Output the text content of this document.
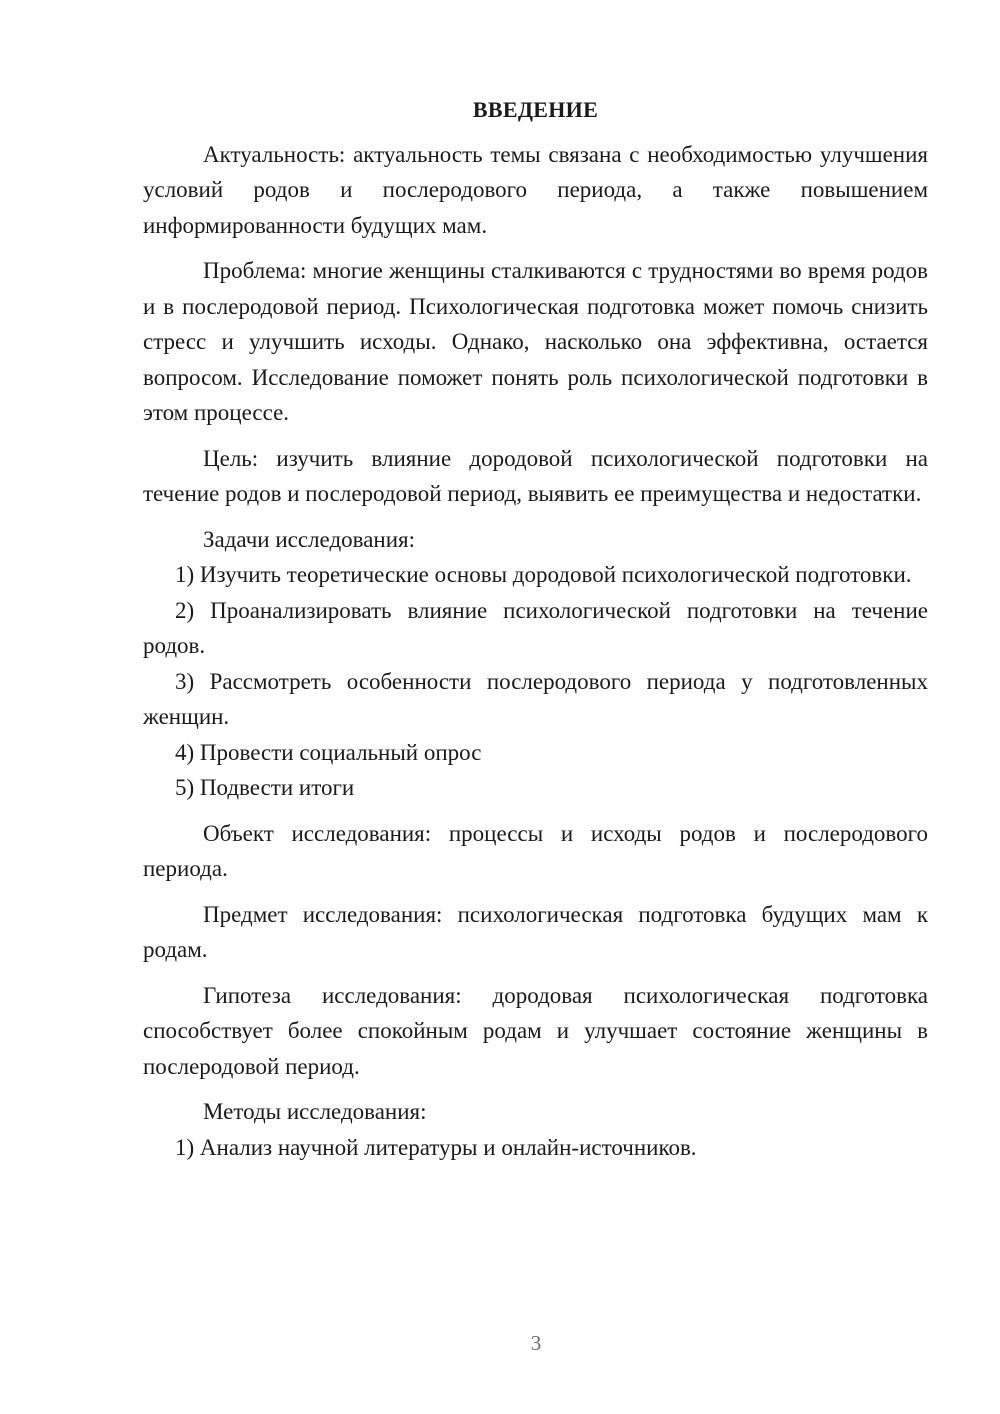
ВВЕДЕНИЕ

Актуальность: актуальность темы связана с необходимостью улучшения условий родов и послеродового периода, а также повышением информированности будущих мам.

Проблема: многие женщины сталкиваются с трудностями во время родов и в послеродовой период. Психологическая подготовка может помочь снизить стресс и улучшить исходы. Однако, насколько она эффективна, остается вопросом. Исследование поможет понять роль психологической подготовки в этом процессе.

Цель: изучить влияние дородовой психологической подготовки на течение родов и послеродовой период, выявить ее преимущества и недостатки.

Задачи исследования:

1) Изучить теоретические основы дородовой психологической подготовки.

2) Проанализировать влияние психологической подготовки на течение родов.

3) Рассмотреть особенности послеродового периода у подготовленных женщин.

4) Провести социальный опрос

5) Подвести итоги

Объект исследования: процессы и исходы родов и послеродового периода.

Предмет исследования: психологическая подготовка будущих мам к родам.

Гипотеза исследования: дородовая психологическая подготовка способствует более спокойным родам и улучшает состояние женщины в послеродовой период.

Методы исследования:

1) Анализ научной литературы и онлайн-источников.

3
